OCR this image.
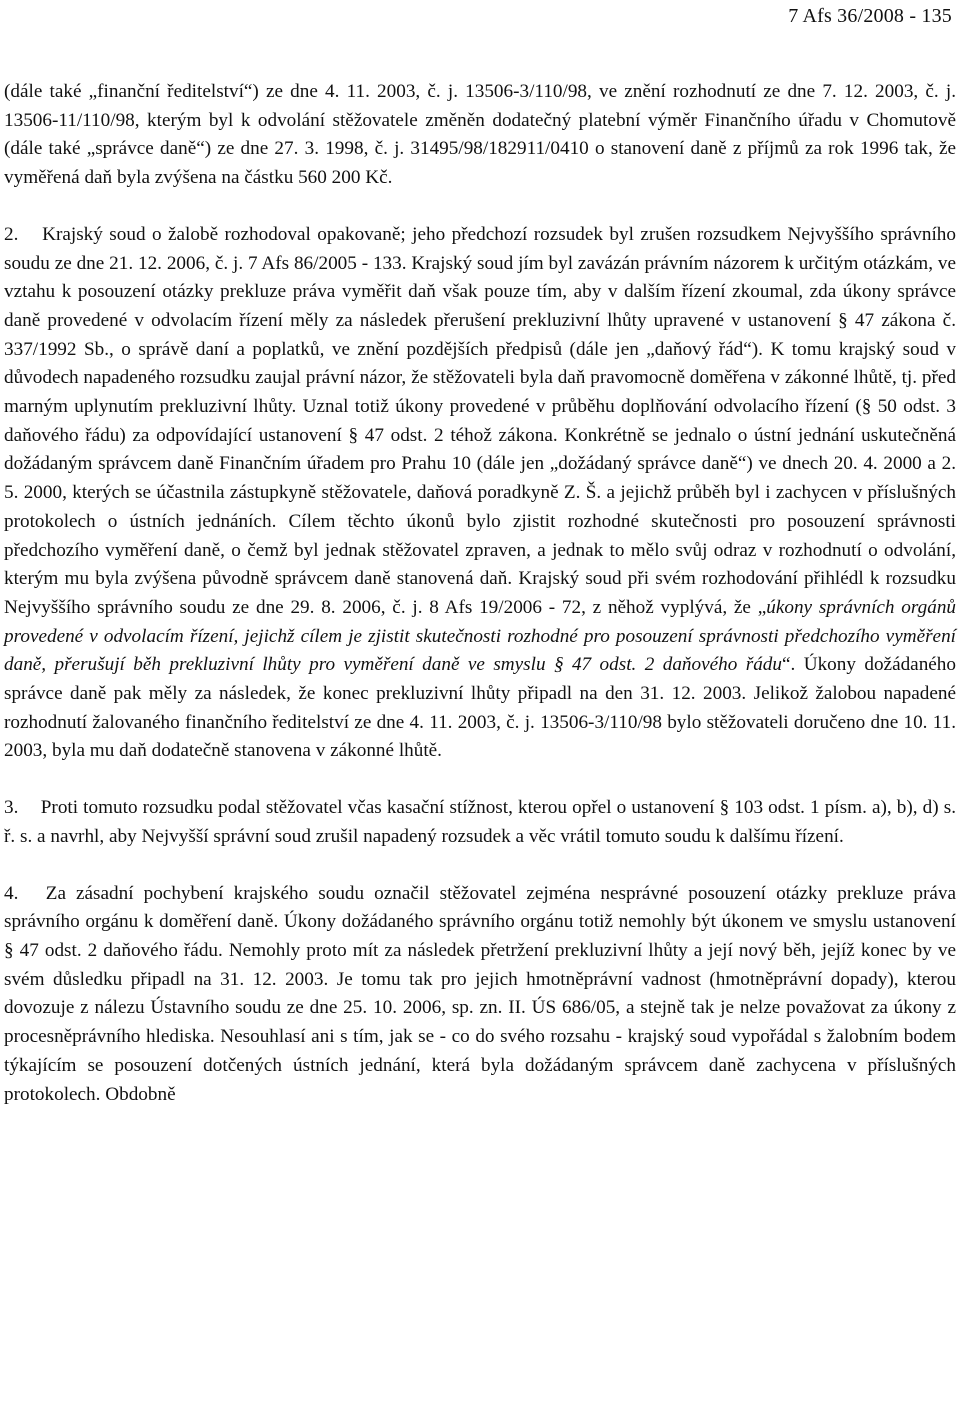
7 Afs 36/2008 - 135

(dále také „finanční ředitelství“) ze dne 4. 11. 2003, č. j. 13506-3/110/98, ve znění rozhodnutí ze dne 7. 12. 2003, č. j. 13506-11/110/98, kterým byl k odvolání stěžovatele změněn dodatečný platební výměr Finančního úřadu v Chomutově (dále také „správce daně“) ze dne 27. 3. 1998, č. j. 31495/98/182911/0410 o stanovení daně z příjmů za rok 1996 tak, že vyměřená daň byla zvýšena na částku 560 200 Kč.

2. Krajský soud o žalobě rozhodoval opakovaně; jeho předchozí rozsudek byl zrušen rozsudkem Nejvyššího správního soudu ze dne 21. 12. 2006, č. j. 7 Afs 86/2005 - 133. Krajský soud jím byl zavázán právním názorem k určitým otázkám, ve vztahu k posouzení otázky prekluze práva vyměřit daň však pouze tím, aby v dalším řízení zkoumal, zda úkony správce daně provedené v odvolacím řízení měly za následek přerušení prekluzivní lhůty upravené v ustanovení § 47 zákona č. 337/1992 Sb., o správě daní a poplatků, ve znění pozdějších předpisů (dále jen „daňový řád“). K tomu krajský soud v důvodech napadeného rozsudku zaujal právní názor, že stěžovateli byla daň pravomocně doměřena v zákonné lhůtě, tj. před marným uplynutím prekluzivní lhůty. Uznal totiž úkony provedené v průběhu doplňování odvolacího řízení (§ 50 odst. 3 daňového řádu) za odpovídající ustanovení § 47 odst. 2 téhož zákona. Konkrétně se jednalo o ústní jednání uskutečněná dožádaným správcem daně Finančním úřadem pro Prahu 10 (dále jen „dožádaný správce daně“) ve dnech 20. 4. 2000 a 2. 5. 2000, kterých se účastnila zástupkyně stěžovatele, daňová poradkyně Z. Š. a jejichž průběh byl i zachycen v příslušných protokolech o ústních jednáních. Cílem těchto úkonů bylo zjistit rozhodné skutečnosti pro posouzení správnosti předchozího vyměření daně, o čemž byl jednak stěžovatel zpraven, a jednak to mělo svůj odraz v rozhodnutí o odvolání, kterým mu byla zvýšena původně správcem daně stanovená daň. Krajský soud při svém rozhodování přihlédl k rozsudku Nejvyššího správního soudu ze dne 29. 8. 2006, č. j. 8 Afs 19/2006 - 72, z něhož vyplývá, že „úkony správních orgánů provedené v odvolacím řízení, jejichž cílem je zjistit skutečnosti rozhodné pro posouzení správnosti předchozího vyměření daně, přerušují běh prekluzivní lhůty pro vyměření daně ve smyslu § 47 odst. 2 daňového řádu“. Úkony dožádaného správce daně pak měly za následek, že konec prekluzivní lhůty připadl na den 31. 12. 2003. Jelikož žalobou napadené rozhodnutí žalovaného finančního ředitelství ze dne 4. 11. 2003, č. j. 13506-3/110/98 bylo stěžovateli doručeno dne 10. 11. 2003, byla mu daň dodatečně stanovena v zákonné lhůtě.

3. Proti tomuto rozsudku podal stěžovatel včas kasační stížnost, kterou opřel o ustanovení § 103 odst. 1 písm. a), b), d) s. ř. s. a navrhl, aby Nejvyšší správní soud zrušil napadený rozsudek a věc vrátil tomuto soudu k dalšímu řízení.

4. Za zásadní pochybení krajského soudu označil stěžovatel zejména nesprávné posouzení otázky prekluze práva správního orgánu k doměření daně. Úkony dožádaného správního orgánu totiž nemohly být úkonem ve smyslu ustanovení § 47 odst. 2 daňového řádu. Nemohly proto mít za následek přetržení prekluzivní lhůty a její nový běh, jejíž konec by ve svém důsledku připadl na 31. 12. 2003. Je tomu tak pro jejich hmotněprávní vadnost (hmotněprávní dopady), kterou dovozuje z nálezu Ústavního soudu ze dne 25. 10. 2006, sp. zn. II. ÚS 686/05, a stejně tak je nelze považovat za úkony z procesněprávního hlediska. Nesouhlasí ani s tím, jak se - co do svého rozsahu - krajský soud vypořádal s žalobním bodem týkajícím se posouzení dotčených ústních jednání, která byla dožádaným správcem daně zachycena v příslušných protokolech. Obdobně
